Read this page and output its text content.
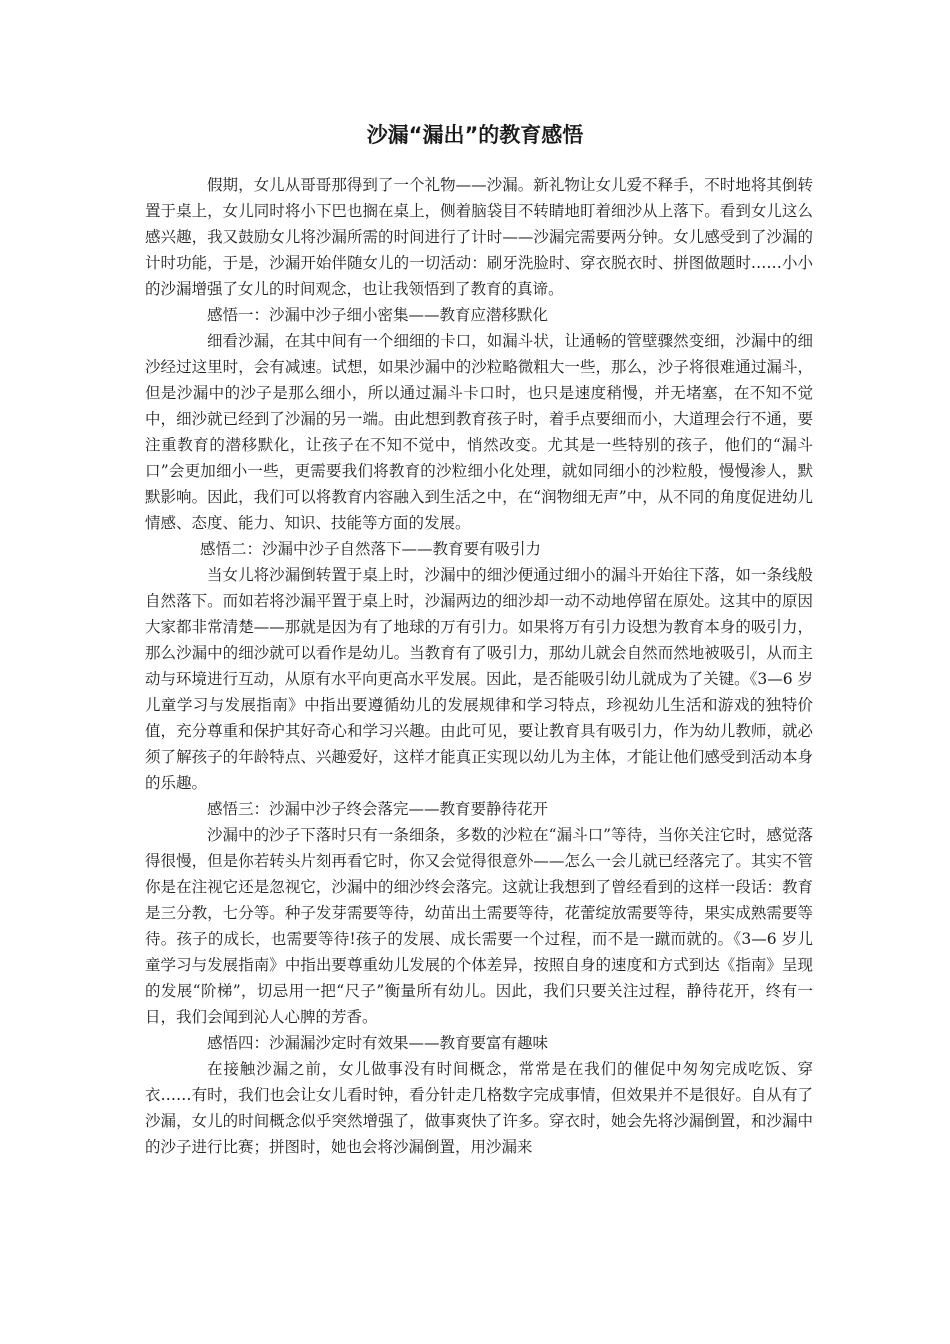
沙漏“漏出”的教育感悟

假期，女儿从哥哥那得到了一个礼物——沙漏。新礼物让女儿爱不释手，不时地将其倒转置于桌上，女儿同时将小下巴也搁在桌上，侧着脑袋目不转睛地盯着细沙从上落下。看到女儿这么感兴趣，我又鼓励女儿将沙漏所需的时间进行了计时——沙漏完需要两分钟。女儿感受到了沙漏的计时功能，于是，沙漏开始伴随女儿的一切活动：刷牙洗脸时、穿衣脱衣时、拼图做题时……小小的沙漏增强了女儿的时间观念，也让我领悟到了教育的真谛。

感悟一：沙漏中沙子细小密集——教育应潜移默化

细看沙漏，在其中间有一个细细的卡口，如漏斗状，让通畅的管壁骤然变细，沙漏中的细沙经过这里时，会有减速。试想，如果沙漏中的沙粒略微粗大一些，那么，沙子将很难通过漏斗，但是沙漏中的沙子是那么细小，所以通过漏斗卡口时，也只是速度稍慢，并无堵塞，在不知不觉中，细沙就已经到了沙漏的另一端。由此想到教育孩子时，着手点要细而小，大道理会行不通，要注重教育的潜移默化，让孩子在不知不觉中，悄然改变。尤其是一些特别的孩子，他们的“漏斗口”会更加细小一些，更需要我们将教育的沙粒细小化处理，就如同细小的沙粒般，慢慢渗人，默默影响。因此，我们可以将教育内容融入到生活之中，在“润物细无声”中，从不同的角度促进幼儿情感、态度、能力、知识、技能等方面的发展。

感悟二：沙漏中沙子自然落下——教育要有吸引力

当女儿将沙漏倒转置于桌上时，沙漏中的细沙便通过细小的漏斗开始往下落，如一条线般自然落下。而如若将沙漏平置于桌上时，沙漏两边的细沙却一动不动地停留在原处。这其中的原因大家都非常清楚——那就是因为有了地球的万有引力。如果将万有引力设想为教育本身的吸引力，那么沙漏中的细沙就可以看作是幼儿。当教育有了吸引力，那幼儿就会自然而然地被吸引，从而主动与环境进行互动，从原有水平向更高水平发展。因此，是否能吸引幼儿就成为了关键。《3—6 岁儿童学习与发展指南》中指出要遵循幼儿的发展规律和学习特点，珍视幼儿生活和游戏的独特价值，充分尊重和保护其好奇心和学习兴趣。由此可见，要让教育具有吸引力，作为幼儿教师，就必须了解孩子的年龄特点、兴趣爱好，这样才能真正实现以幼儿为主体，才能让他们感受到活动本身的乐趣。

感悟三：沙漏中沙子终会落完——教育要静待花开

沙漏中的沙子下落时只有一条细条，多数的沙粒在“漏斗口”等待，当你关注它时，感觉落得很慢，但是你若转头片刻再看它时，你又会觉得很意外——怎么一会儿就已经落完了。其实不管你是在注视它还是忽视它，沙漏中的细沙终会落完。这就让我想到了曾经看到的这样一段话：教育是三分教，七分等。种子发芽需要等待，幼苗出土需要等待，花蕾绽放需要等待，果实成熟需要等待。孩子的成长，也需要等待!孩子的发展、成长需要一个过程，而不是一蹴而就的。《3—6 岁儿童学习与发展指南》中指出要尊重幼儿发展的个体差异，按照自身的速度和方式到达《指南》呈现的发展“阶梯”，切忌用一把“尺子”衡量所有幼儿。因此，我们只要关注过程，静待花开，终有一日，我们会闻到沁人心脾的芳香。

感悟四：沙漏漏沙定时有效果——教育要富有趣味

在接触沙漏之前，女儿做事没有时间概念，常常是在我们的催促中匆匆完成吃饭、穿衣……有时，我们也会让女儿看时钟，看分针走几格数字完成事情，但效果并不是很好。自从有了沙漏，女儿的时间概念似乎突然增强了，做事爽快了许多。穿衣时，她会先将沙漏倒置，和沙漏中的沙子进行比赛；拼图时，她也会将沙漏倒置，用沙漏来
